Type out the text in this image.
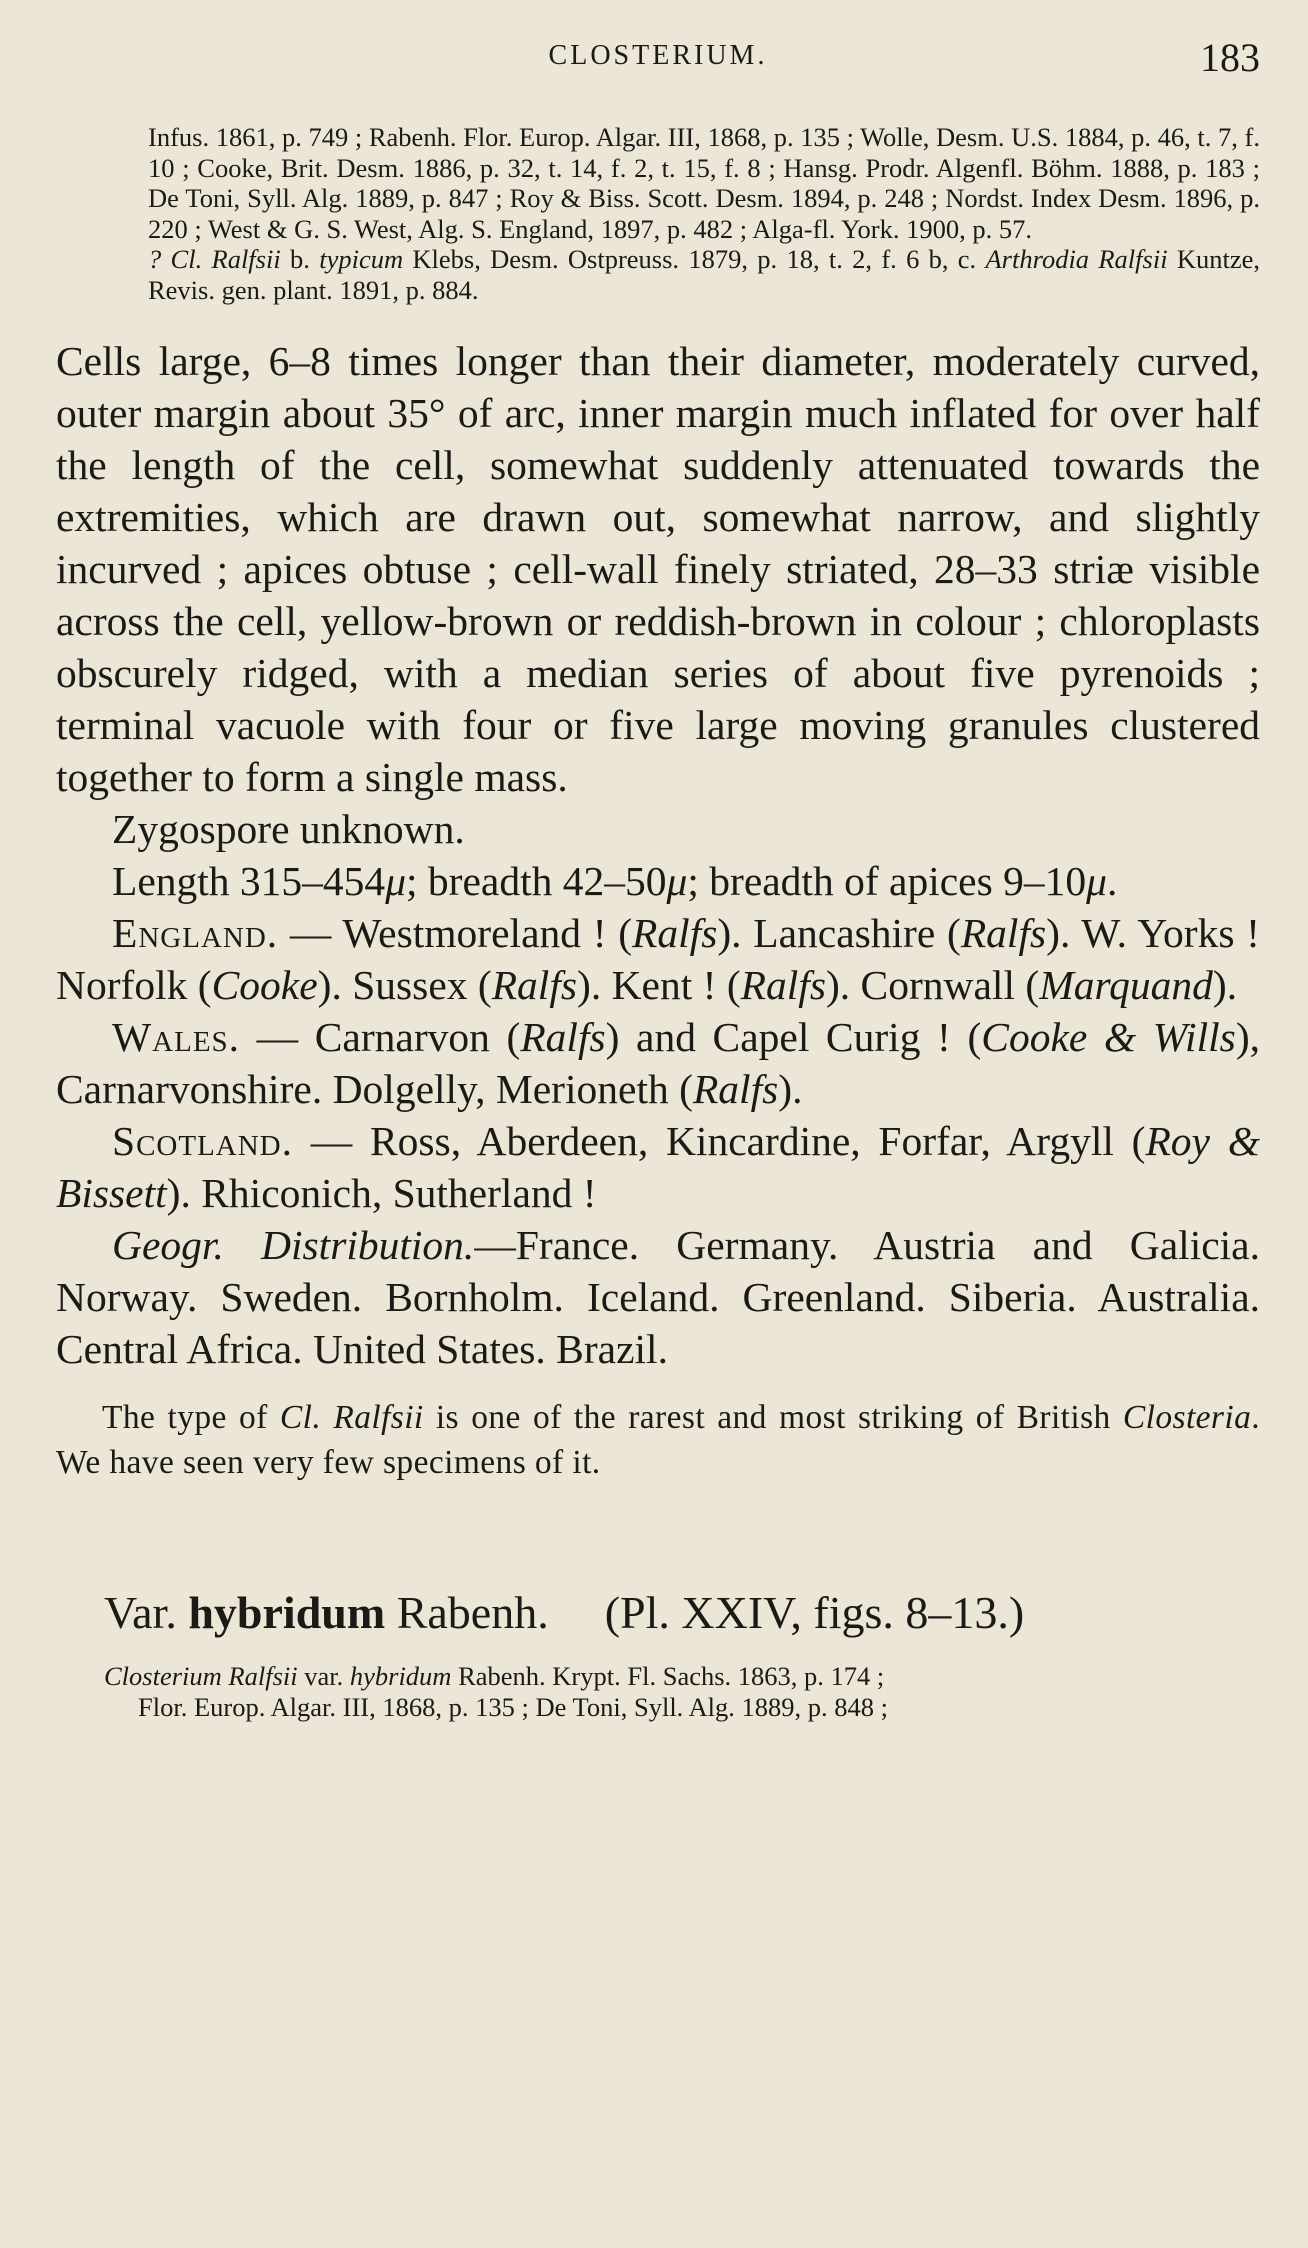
CLOSTERIUM.	183

Infus. 1861, p. 749 ; Rabenh. Flor. Europ. Algar. III, 1868, p. 135 ; Wolle, Desm. U.S. 1884, p. 46, t. 7, f. 10 ; Cooke, Brit. Desm. 1886, p. 32, t. 14, f. 2, t. 15, f. 8 ; Hansg. Prodr. Algenfl. Böhm. 1888, p. 183 ; De Toni, Syll. Alg. 1889, p. 847 ; Roy & Biss. Scott. Desm. 1894, p. 248 ; Nordst. Index Desm. 1896, p. 220 ; West & G. S. West, Alg. S. England, 1897, p. 482 ; Alga-fl. York. 1900, p. 57.

? Cl. Ralfsii b. typicum Klebs, Desm. Ostpreuss. 1879, p. 18, t. 2, f. 6 b, c. Arthrodia Ralfsii Kuntze, Revis. gen. plant. 1891, p. 884.

Cells large, 6–8 times longer than their diameter, moderately curved, outer margin about 35° of arc, inner margin much inflated for over half the length of the cell, somewhat suddenly attenuated towards the extremities, which are drawn out, somewhat narrow, and slightly incurved ; apices obtuse ; cell-wall finely striated, 28–33 striæ visible across the cell, yellow-brown or reddish-brown in colour ; chloroplasts obscurely ridged, with a median series of about five pyrenoids ; terminal vacuole with four or five large moving granules clustered together to form a single mass.

Zygospore unknown.

Length 315–454μ; breadth 42–50μ; breadth of apices 9–10μ.

England. — Westmoreland ! (Ralfs). Lancashire (Ralfs). W. Yorks ! Norfolk (Cooke). Sussex (Ralfs). Kent ! (Ralfs). Cornwall (Marquand).

Wales. — Carnarvon (Ralfs) and Capel Curig ! (Cooke & Wills), Carnarvonshire. Dolgelly, Merioneth (Ralfs).

Scotland. — Ross, Aberdeen, Kincardine, Forfar, Argyll (Roy & Bissett). Rhiconich, Sutherland !

Geogr. Distribution.—France. Germany. Austria and Galicia. Norway. Sweden. Bornholm. Iceland. Greenland. Siberia. Australia. Central Africa. United States. Brazil.

The type of Cl. Ralfsii is one of the rarest and most striking of British Closteria. We have seen very few specimens of it.

Var. hybridum Rabenh. (Pl. XXIV, figs. 8–13.)

Closterium Ralfsii var. hybridum Rabenh. Krypt. Fl. Sachs. 1863, p. 174 ;

Flor. Europ. Algar. III, 1868, p. 135 ; De Toni, Syll. Alg. 1889, p. 848 ;
